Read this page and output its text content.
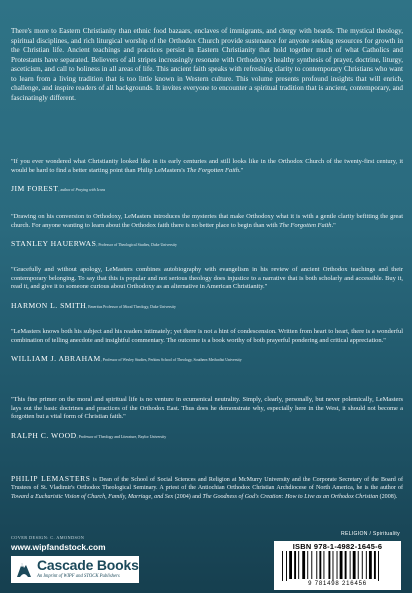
There's more to Eastern Christianity than ethnic food bazaars, enclaves of immigrants, and clergy with beards. The mystical theology, spiritual disciplines, and rich liturgical worship of the Orthodox Church provide sustenance for anyone seeking resources for growth in the Christian life. Ancient teachings and practices persist in Eastern Christianity that hold together much of what Catholics and Protestants have separated. Believers of all stripes increasingly resonate with Orthodoxy's healthy synthesis of prayer, doctrine, liturgy, asceticism, and call to holiness in all areas of life. This ancient faith speaks with refreshing clarity to contemporary Christians who want to learn from a living tradition that is too little known in Western culture. This volume presents profound insights that will enrich, challenge, and inspire readers of all backgrounds. It invites everyone to encounter a spiritual tradition that is ancient, contemporary, and fascinatingly different.

"If you ever wondered what Christianity looked like in its early centuries and still looks like in the Orthodox Church of the twenty-first century, it would be hard to find a better starting point than Philip LeMasters's The Forgotten Faith."

JIM FOREST, author of Praying with Icons

"Drawing on his conversion to Orthodoxy, LeMasters introduces the mysteries that make Orthodoxy what it is with a gentle clarity befitting the great church. For anyone wanting to learn about the Orthodox faith there is no better place to begin than with The Forgotten Faith."

STANLEY HAUERWAS, Professor of Theological Studies, Duke University

"Gracefully and without apology, LeMasters combines autobiography with evangelism in his review of ancient Orthodox teachings and their contemporary belonging. To say that this is popular and not serious theology does injustice to a narrative that is both scholarly and accessible. Buy it, read it, and give it to someone curious about Orthodoxy as an alternative in American Christianity."

HARMON L. SMITH, Emeritus Professor of Moral Theology, Duke University

"LeMasters knows both his subject and his readers intimately; yet there is not a hint of condescension. Written from heart to heart, there is a wonderful combination of telling anecdote and insightful commentary. The outcome is a book worthy of both prayerful pondering and critical appreciation."

WILLIAM J. ABRAHAM, Professor of Wesley Studies, Perkins School of Theology, Southern Methodist University

"This fine primer on the moral and spiritual life is no venture in ecumenical neutrality. Simply, clearly, personally, but never polemically, LeMasters lays out the basic doctrines and practices of the Orthodox East. Thus does he demonstrate why, especially here in the West, it should not become a forgotten but a vital form of Christian faith."

RALPH C. WOOD, Professor of Theology and Literature, Baylor University

PHILIP LEMASTERS is Dean of the School of Social Sciences and Religion at McMurry University and the Corporate Secretary of the Board of Trustees of St. Vladimir's Orthodox Theological Seminary. A priest of the Antiochian Orthodox Christian Archdiocese of North America, he is the author of Toward a Eucharistic Vision of Church, Family, Marriage, and Sex (2004) and The Goodness of God's Creation: How to Live as an Orthodox Christian (2008).

COVER DESIGN: C. AMONDSON
www.wipfandstock.com
Cascade Books
An Imprint of WIPF and STOCK Publishers
RELIGION / Spirituality
ISBN 978-1-4982-1645-6
9 781498 216456
